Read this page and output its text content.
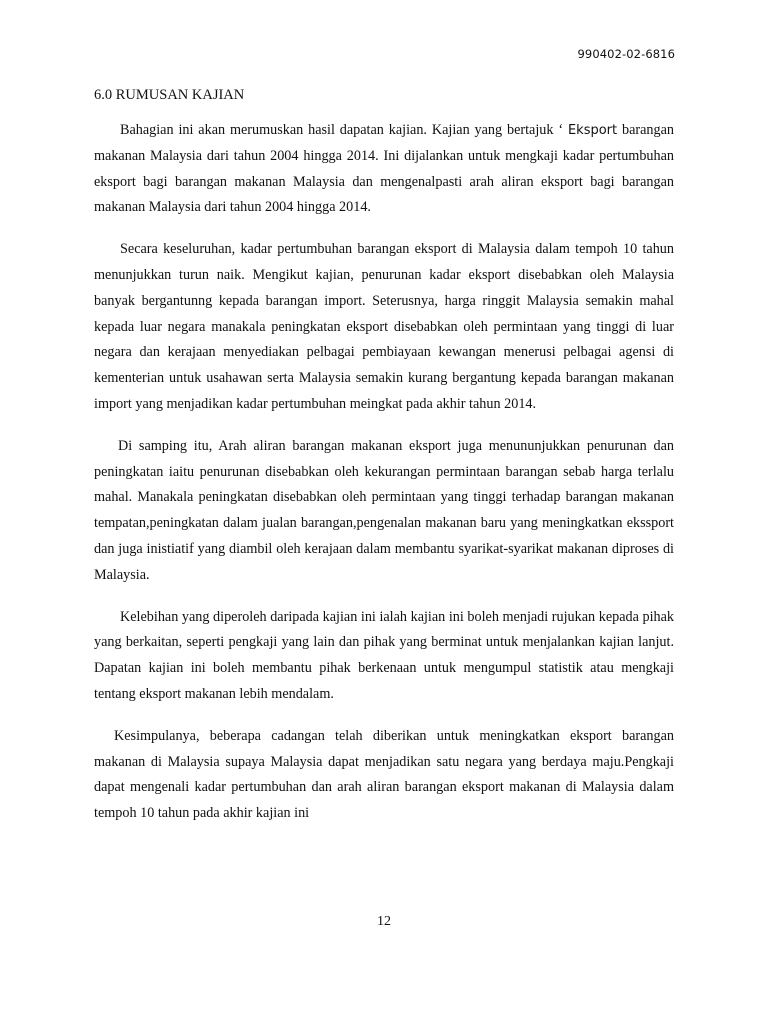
990402-02-6816
6.0 RUMUSAN KAJIAN

Bahagian ini akan merumuskan hasil dapatan kajian. Kajian yang bertajuk ‘ Eksport barangan makanan Malaysia dari tahun 2004 hingga 2014. Ini dijalankan untuk mengkaji kadar pertumbuhan eksport bagi barangan makanan Malaysia dan mengenalpasti arah aliran eksport bagi barangan makanan Malaysia dari tahun 2004 hingga 2014.

Secara keseluruhan, kadar pertumbuhan barangan eksport di Malaysia dalam tempoh 10 tahun menunjukkan turun naik. Mengikut kajian, penurunan kadar eksport disebabkan oleh Malaysia banyak bergantunng kepada barangan import. Seterusnya, harga ringgit Malaysia semakin mahal kepada luar negara manakala peningkatan eksport disebabkan oleh permintaan yang tinggi di luar negara dan kerajaan menyediakan pelbagai pembiayaan kewangan menerusi pelbagai agensi di kementerian untuk usahawan serta Malaysia semakin kurang bergantung kepada barangan makanan import yang menjadikan kadar pertumbuhan meingkat pada akhir tahun 2014.

Di samping itu, Arah aliran barangan makanan eksport juga menununjukkan penurunan dan peningkatan iaitu penurunan disebabkan oleh kekurangan permintaan barangan sebab harga terlalu mahal. Manakala peningkatan disebabkan oleh permintaan yang tinggi terhadap barangan makanan tempatan,peningkatan dalam jualan barangan,pengenalan makanan baru yang meningkatkan ekssport dan juga inistiatif yang diambil oleh kerajaan dalam membantu syarikat-syarikat makanan diproses di Malaysia.

Kelebihan yang diperoleh daripada kajian ini ialah kajian ini boleh menjadi rujukan kepada pihak yang berkaitan, seperti pengkaji yang lain dan pihak yang berminat untuk menjalankan kajian lanjut. Dapatan kajian ini boleh membantu pihak berkenaan untuk mengumpul statistik atau mengkaji tentang eksport makanan lebih mendalam.

Kesimpulanya, beberapa cadangan telah diberikan untuk meningkatkan eksport barangan makanan di Malaysia supaya Malaysia dapat menjadikan satu negara yang berdaya maju.Pengkaji dapat mengenali kadar pertumbuhan dan arah aliran barangan eksport makanan di Malaysia dalam tempoh 10 tahun pada akhir kajian ini

12
